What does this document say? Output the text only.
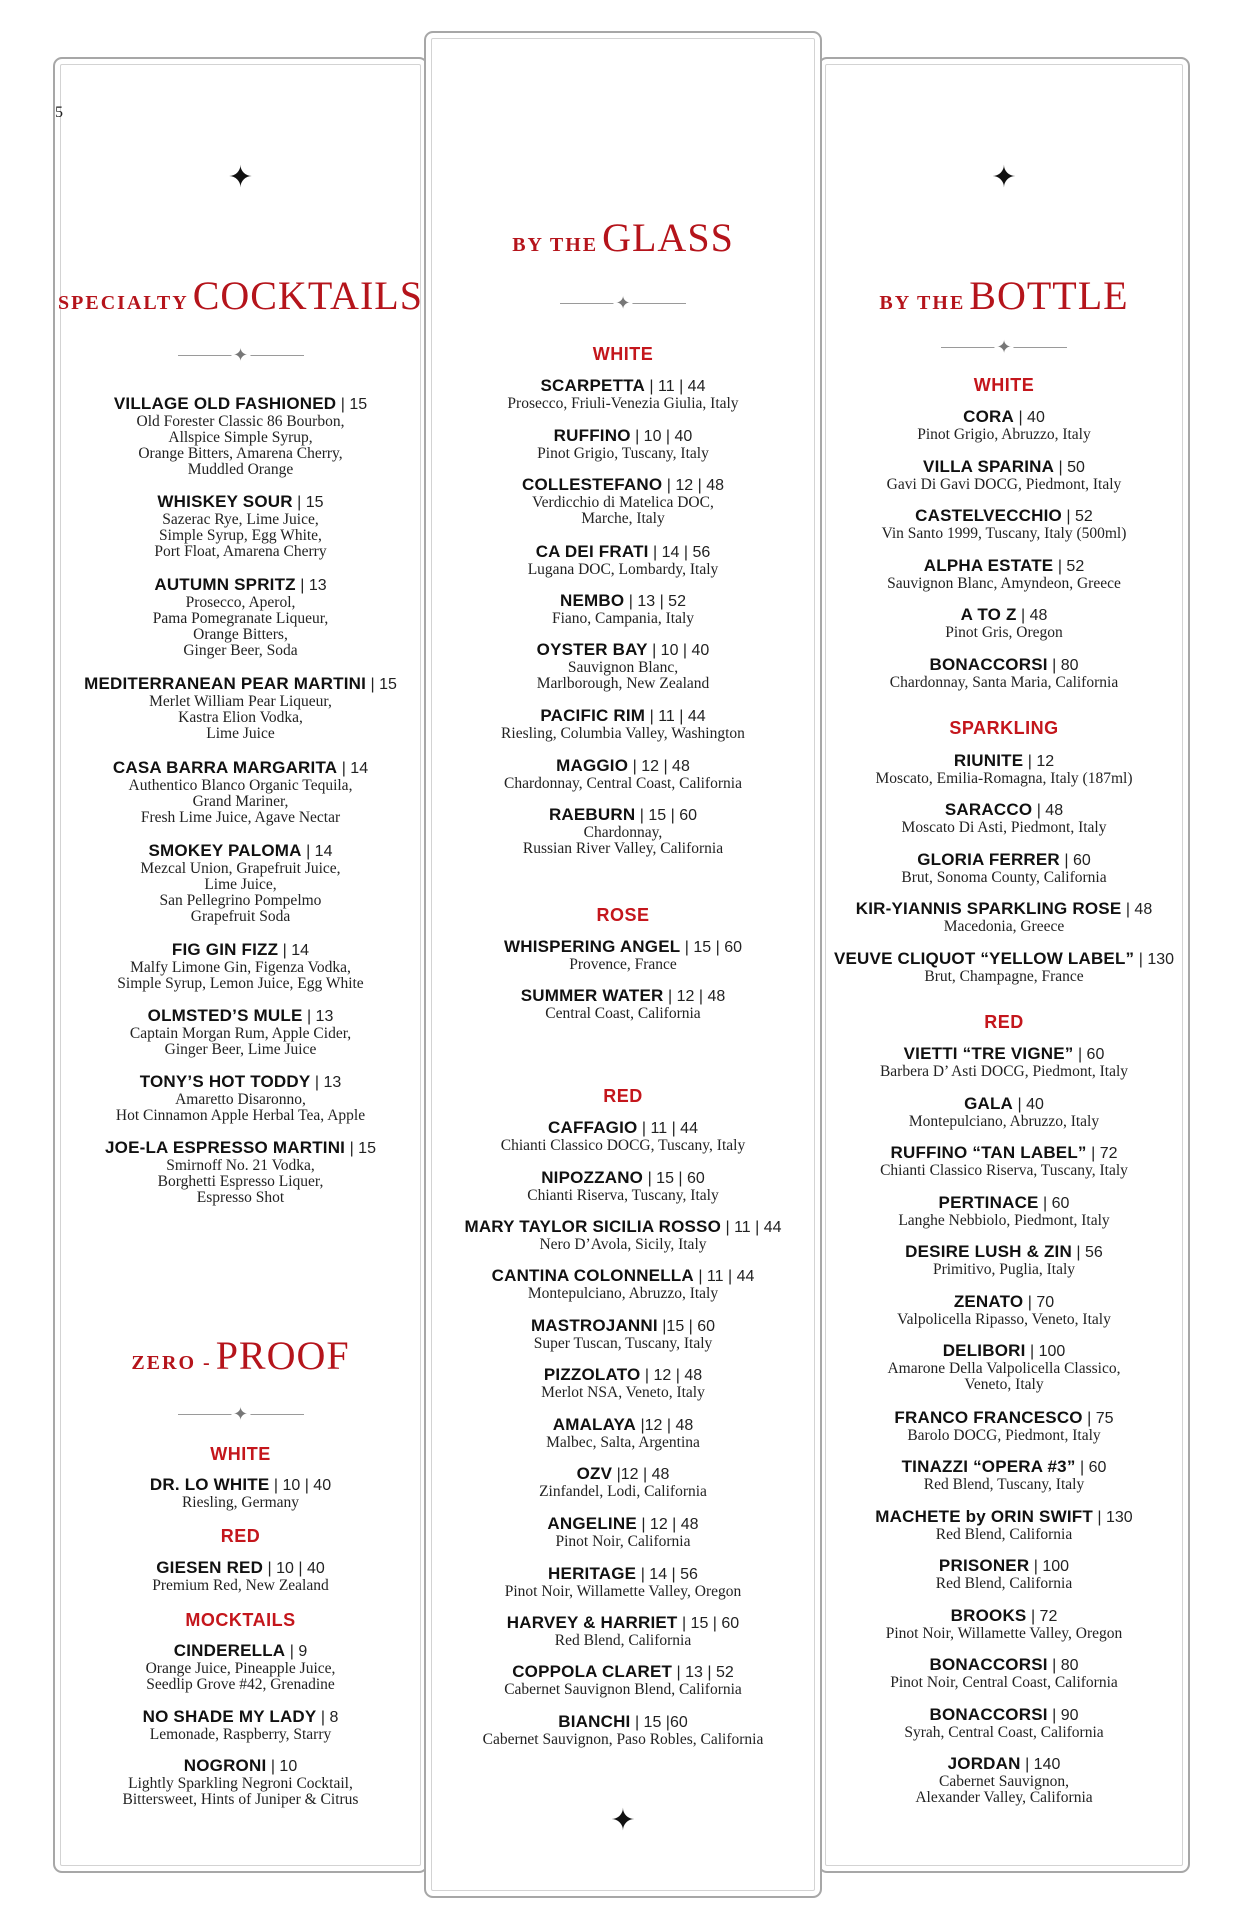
5
✦
SPECIALTY COCKTAILS
✦
VILLAGE OLD FASHIONED | 15
Old Forester Classic 86 Bourbon,
Allspice Simple Syrup,
Orange Bitters, Amarena Cherry,
Muddled Orange
WHISKEY SOUR | 15
Sazerac Rye, Lime Juice,
Simple Syrup, Egg White,
Port Float, Amarena Cherry
AUTUMN SPRITZ | 13
Prosecco, Aperol,
Pama Pomegranate Liqueur,
Orange Bitters,
Ginger Beer, Soda
MEDITERRANEAN PEAR MARTINI | 15
Merlet William Pear Liqueur,
Kastra Elion Vodka,
Lime Juice
CASA BARRA MARGARITA | 14
Authentico Blanco Organic Tequila,
Grand Mariner,
Fresh Lime Juice, Agave Nectar
SMOKEY PALOMA | 14
Mezcal Union, Grapefruit Juice,
Lime Juice,
San Pellegrino Pompelmo
Grapefruit Soda
FIG GIN FIZZ | 14
Malfy Limone Gin, Figenza Vodka,
Simple Syrup, Lemon Juice, Egg White
OLMSTED’S MULE | 13
Captain Morgan Rum, Apple Cider,
Ginger Beer, Lime Juice
TONY’S HOT TODDY | 13
Amaretto Disaronno,
Hot Cinnamon Apple Herbal Tea, Apple
JOE-LA ESPRESSO MARTINI | 15
Smirnoff No. 21 Vodka,
Borghetti Espresso Liquer,
Espresso Shot
ZERO - PROOF
✦
WHITE
DR. LO WHITE | 10 | 40
Riesling, Germany
RED
GIESEN RED | 10 | 40
Premium Red, New Zealand
MOCKTAILS
CINDERELLA | 9
Orange Juice, Pineapple Juice,
Seedlip Grove #42, Grenadine
NO SHADE MY LADY | 8
Lemonade, Raspberry, Starry
NOGRONI | 10
Lightly Sparkling Negroni Cocktail,
Bittersweet, Hints of Juniper & Citrus
BY THE GLASS
✦
WHITE
SCARPETTA | 11 | 44
Prosecco, Friuli-Venezia Giulia, Italy
RUFFINO | 10 | 40
Pinot Grigio, Tuscany, Italy
COLLESTEFANO | 12 | 48
Verdicchio di Matelica DOC,
Marche, Italy
CA DEI FRATI | 14 | 56
Lugana DOC, Lombardy, Italy
NEMBO | 13 | 52
Fiano, Campania, Italy
OYSTER BAY | 10 | 40
Sauvignon Blanc,
Marlborough, New Zealand
PACIFIC RIM | 11 | 44
Riesling, Columbia Valley, Washington
MAGGIO | 12 | 48
Chardonnay, Central Coast, California
RAEBURN | 15 | 60
Chardonnay,
Russian River Valley, California
ROSE
WHISPERING ANGEL | 15 | 60
Provence, France
SUMMER WATER | 12 | 48
Central Coast, California
RED
CAFFAGIO | 11 | 44
Chianti Classico DOCG, Tuscany, Italy
NIPOZZANO | 15 | 60
Chianti Riserva, Tuscany, Italy
MARY TAYLOR SICILIA ROSSO | 11 | 44
Nero D’Avola, Sicily, Italy
CANTINA COLONNELLA | 11 | 44
Montepulciano, Abruzzo, Italy
MASTROJANNI |15 | 60
Super Tuscan, Tuscany, Italy
PIZZOLATO | 12 | 48
Merlot NSA, Veneto, Italy
AMALAYA |12 | 48
Malbec, Salta, Argentina
OZV |12 | 48
Zinfandel, Lodi, California
ANGELINE | 12 | 48
Pinot Noir, California
HERITAGE | 14 | 56
Pinot Noir, Willamette Valley, Oregon
HARVEY & HARRIET | 15 | 60
Red Blend, California
COPPOLA CLARET | 13 | 52
Cabernet Sauvignon Blend, California
BIANCHI | 15 |60
Cabernet Sauvignon, Paso Robles, California
✦
✦
BY THE BOTTLE
✦
WHITE
CORA | 40
Pinot Grigio, Abruzzo, Italy
VILLA SPARINA | 50
Gavi Di Gavi DOCG, Piedmont, Italy
CASTELVECCHIO | 52
Vin Santo 1999, Tuscany, Italy (500ml)
ALPHA ESTATE | 52
Sauvignon Blanc, Amyndeon, Greece
A TO Z | 48
Pinot Gris, Oregon
BONACCORSI | 80
Chardonnay, Santa Maria, California
SPARKLING
RIUNITE | 12
Moscato, Emilia-Romagna, Italy (187ml)
SARACCO | 48
Moscato Di Asti, Piedmont, Italy
GLORIA FERRER | 60
Brut, Sonoma County, California
KIR-YIANNIS SPARKLING ROSE | 48
Macedonia, Greece
VEUVE CLIQUOT “YELLOW LABEL” | 130
Brut, Champagne, France
RED
VIETTI “TRE VIGNE” | 60
Barbera D’ Asti DOCG, Piedmont, Italy
GALA | 40
Montepulciano, Abruzzo, Italy
RUFFINO “TAN LABEL” | 72
Chianti Classico Riserva, Tuscany, Italy
PERTINACE | 60
Langhe Nebbiolo, Piedmont, Italy
DESIRE LUSH & ZIN | 56
Primitivo, Puglia, Italy
ZENATO | 70
Valpolicella Ripasso, Veneto, Italy
DELIBORI | 100
Amarone Della Valpolicella Classico,
Veneto, Italy
FRANCO FRANCESCO | 75
Barolo DOCG, Piedmont, Italy
TINAZZI “OPERA #3” | 60
Red Blend, Tuscany, Italy
MACHETE by ORIN SWIFT | 130
Red Blend, California
PRISONER | 100
Red Blend, California
BROOKS | 72
Pinot Noir, Willamette Valley, Oregon
BONACCORSI | 80
Pinot Noir, Central Coast, California
BONACCORSI | 90
Syrah, Central Coast, California
JORDAN | 140
Cabernet Sauvignon,
Alexander Valley, California
